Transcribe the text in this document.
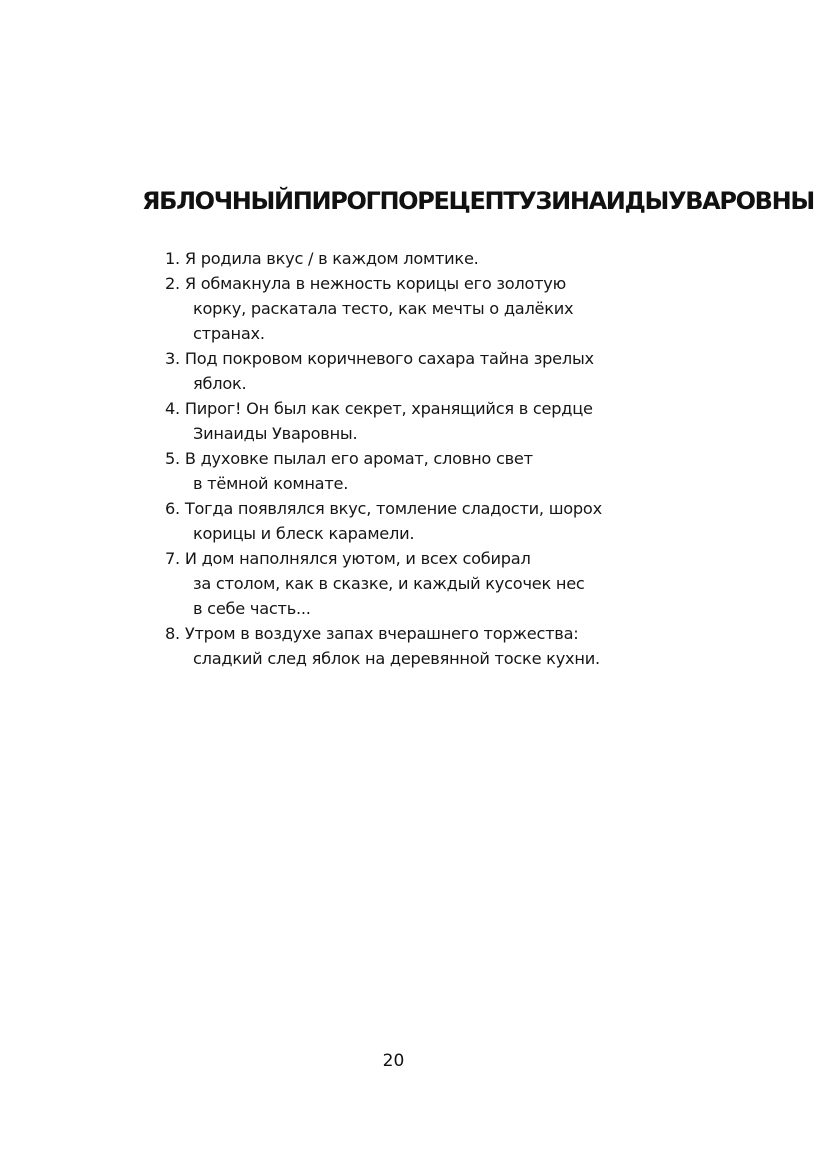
ЯБЛОЧНЫЙПИРОГПОРЕЦЕПТУЗИНАИДЫУВАРОВНЫ
1. Я родила вкус / в каждом ломтике.
2. Я обмакнула в нежность корицы его золотую
корку, раскатала тесто, как мечты о далёких
странах.
3. Под покровом коричневого сахара тайна зрелых
яблок.
4. Пирог! Он был как секрет, хранящийся в сердце
Зинаиды Уваровны.
5. В духовке пылал его аромат, словно свет
в тёмной комнате.
6. Тогда появлялся вкус, томление сладости, шорох
корицы и блеск карамели.
7. И дом наполнялся уютом, и всех собирал
за столом, как в сказке, и каждый кусочек нес
в себе часть...
8. Утром в воздухе запах вчерашнего торжества:
сладкий след яблок на деревянной тоске кухни.
20
